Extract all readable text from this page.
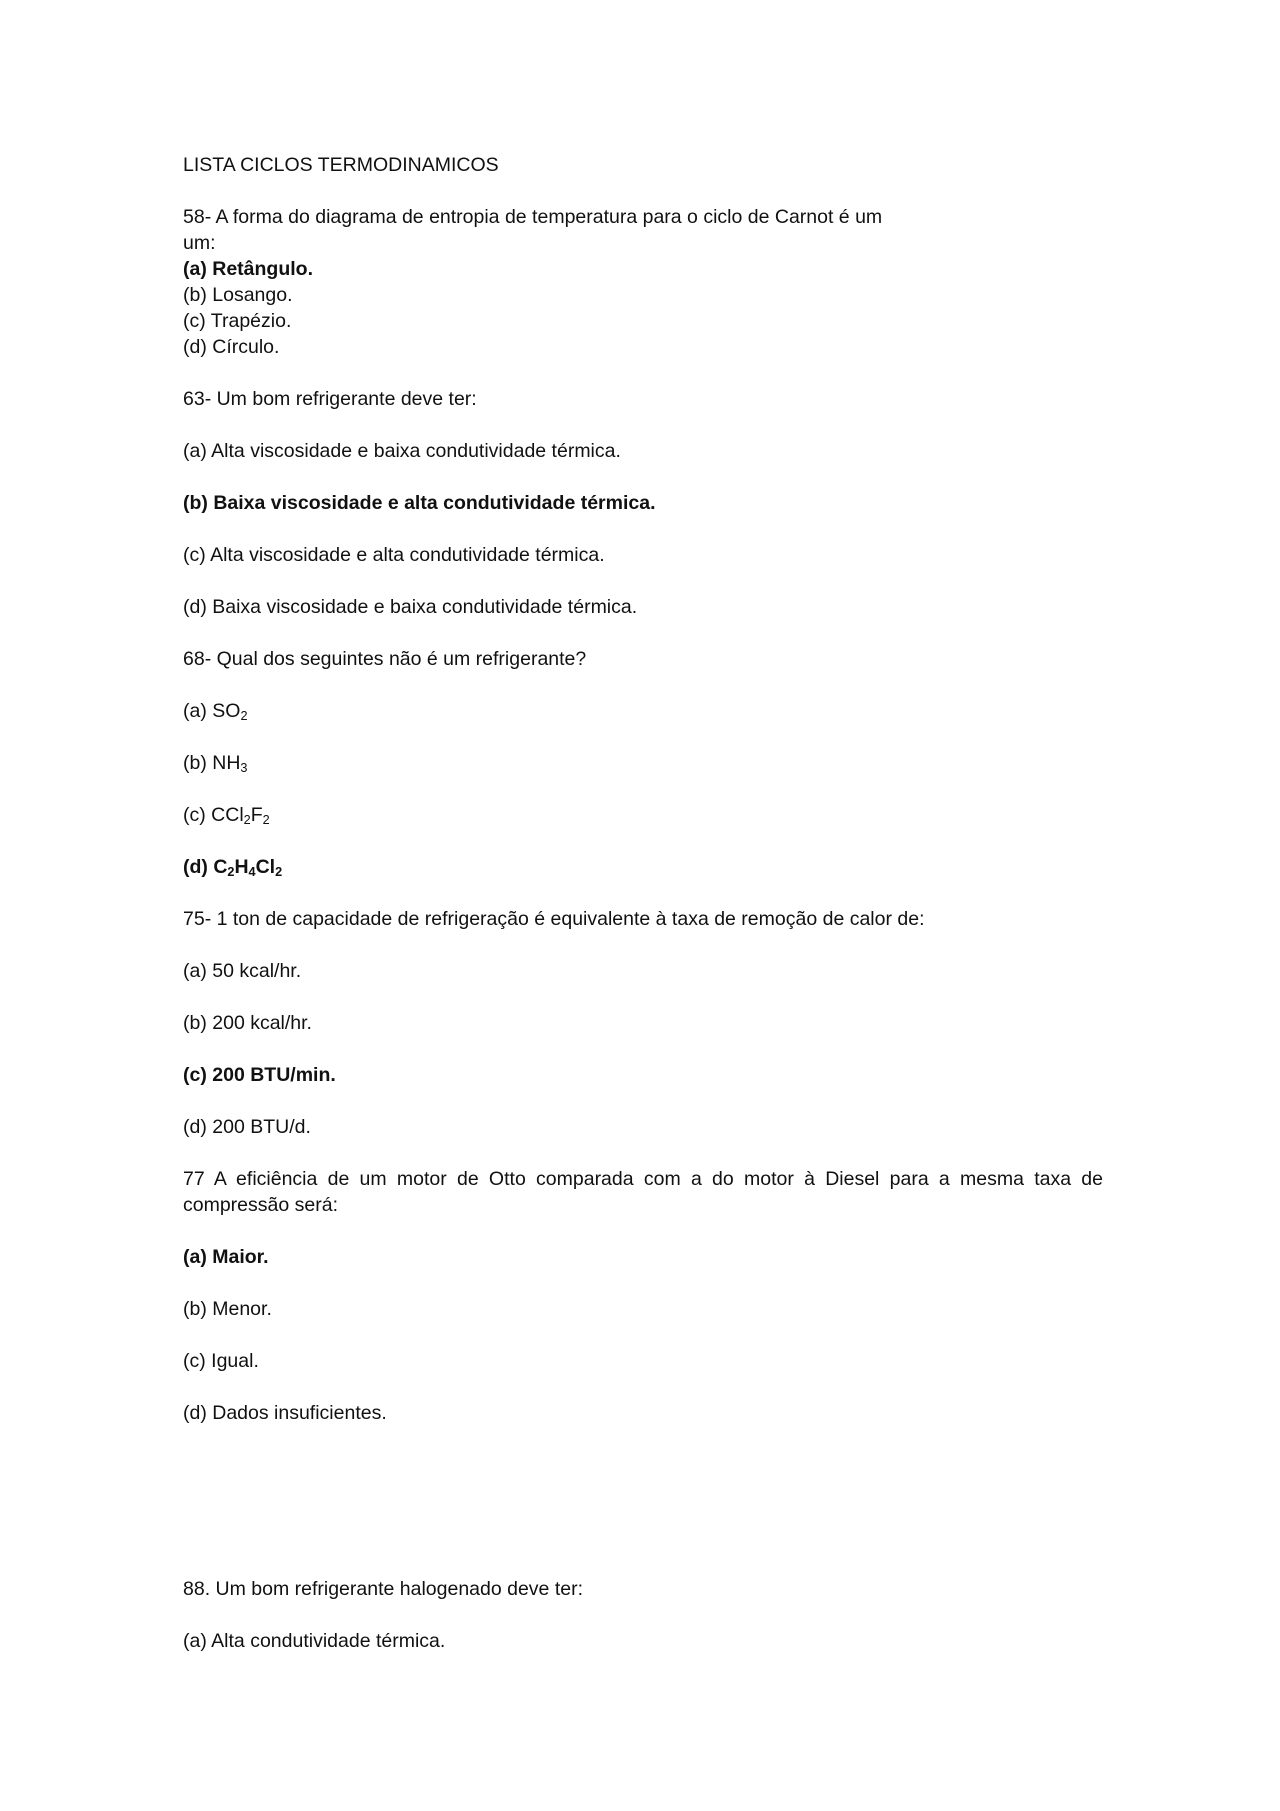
LISTA CICLOS TERMODINAMICOS

58- A forma do diagrama de entropia de temperatura para o ciclo de Carnot é um

um:

(a) Retângulo.

(b) Losango.

(c) Trapézio.

(d) Círculo.

63- Um bom refrigerante deve ter:

(a) Alta viscosidade e baixa condutividade térmica.

(b) Baixa viscosidade e alta condutividade térmica.

(c) Alta viscosidade e alta condutividade térmica.

(d) Baixa viscosidade e baixa condutividade térmica.

68- Qual dos seguintes não é um refrigerante?

(a) $SO_2$

(b) $NH_3$

(c) $CCl_2F_2$

(d) $C_2H_4Cl_2$

75- 1 ton de capacidade de refrigeração é equivalente à taxa de remoção de calor de:

(a) 50 kcal/hr.

(b) 200 kcal/hr.

(c) 200 BTU/min.

(d) 200 BTU/d.

77 A eficiência de um motor de Otto comparada com a do motor à Diesel para a mesma taxa de compressão será:

(a) Maior.

(b) Menor.

(c) Igual.

(d) Dados insuficientes.

88. Um bom refrigerante halogenado deve ter:

(a) Alta condutividade térmica.
